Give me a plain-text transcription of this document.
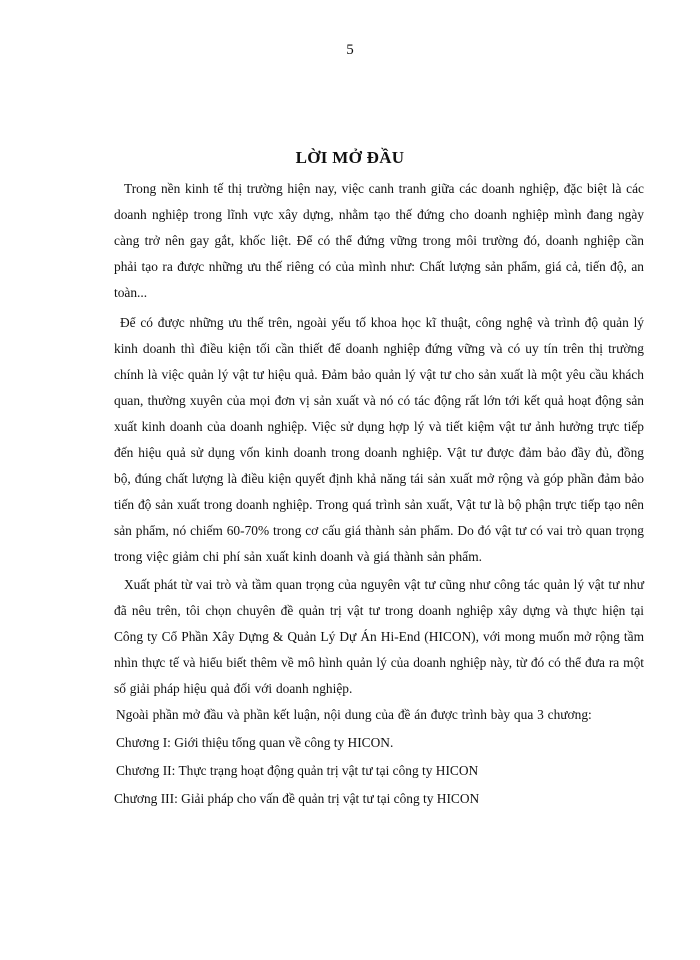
5
LỜI MỞ ĐẦU

Trong nền kinh tế thị trường hiện nay, việc canh tranh giữa các doanh nghiệp, đặc biệt là các doanh nghiệp trong lĩnh vực xây dựng, nhằm tạo thế đứng cho doanh nghiệp mình đang ngày càng trở nên gay gắt, khốc liệt. Để có thể đứng vững trong môi trường đó, doanh nghiệp cần phải tạo ra được những ưu thế riêng có của mình như: Chất lượng sản phẩm, giá cả, tiến độ, an toàn...

Để có được những ưu thế trên, ngoài yếu tố khoa học kĩ thuật, công nghệ và trình độ quản lý kinh doanh thì điều kiện tối cần thiết để doanh nghiệp đứng vững và có uy tín trên thị trường chính là việc quản lý vật tư hiệu quả. Đảm bảo quản lý vật tư cho sản xuất là một yêu cầu khách quan, thường xuyên của mọi đơn vị sản xuất và nó có tác động rất lớn tới kết quả hoạt động sản xuất kinh doanh của doanh nghiệp. Việc sử dụng hợp lý và tiết kiệm vật tư ảnh hưởng trực tiếp đến hiệu quả sử dụng vốn kinh doanh trong doanh nghiệp. Vật tư được đảm bảo đầy đủ, đồng bộ, đúng chất lượng là điều kiện quyết định khả năng tái sản xuất mở rộng và góp phần đảm bảo tiến độ sản xuất trong doanh nghiệp. Trong quá trình sản xuất, Vật tư là bộ phận trực tiếp tạo nên sản phẩm, nó chiếm 60-70% trong cơ cấu giá thành sản phẩm. Do đó vật tư có vai trò quan trọng trong việc giảm chi phí sản xuất kinh doanh và giá thành sản phẩm.

Xuất phát từ vai trò và tầm quan trọng của nguyên vật tư cũng như công tác quản lý vật tư như đã nêu trên, tôi chọn chuyên đề quản trị vật tư trong doanh nghiệp xây dựng và thực hiện tại Công ty Cổ Phần Xây Dựng & Quản Lý Dự Án Hi-End (HICON), với mong muốn mở rộng tầm nhìn thực tế và hiểu biết thêm về mô hình quản lý của doanh nghiệp này, từ đó có thể đưa ra một số giải pháp hiệu quả đối với doanh nghiệp.

Ngoài phần mở đầu và phần kết luận, nội dung của đề án được trình bày qua 3 chương:

Chương I: Giới thiệu tổng quan về công ty HICON.

Chương II: Thực trạng hoạt động quản trị vật tư tại công ty HICON

Chương III: Giải pháp cho vấn đề quản trị vật tư tại công ty HICON
